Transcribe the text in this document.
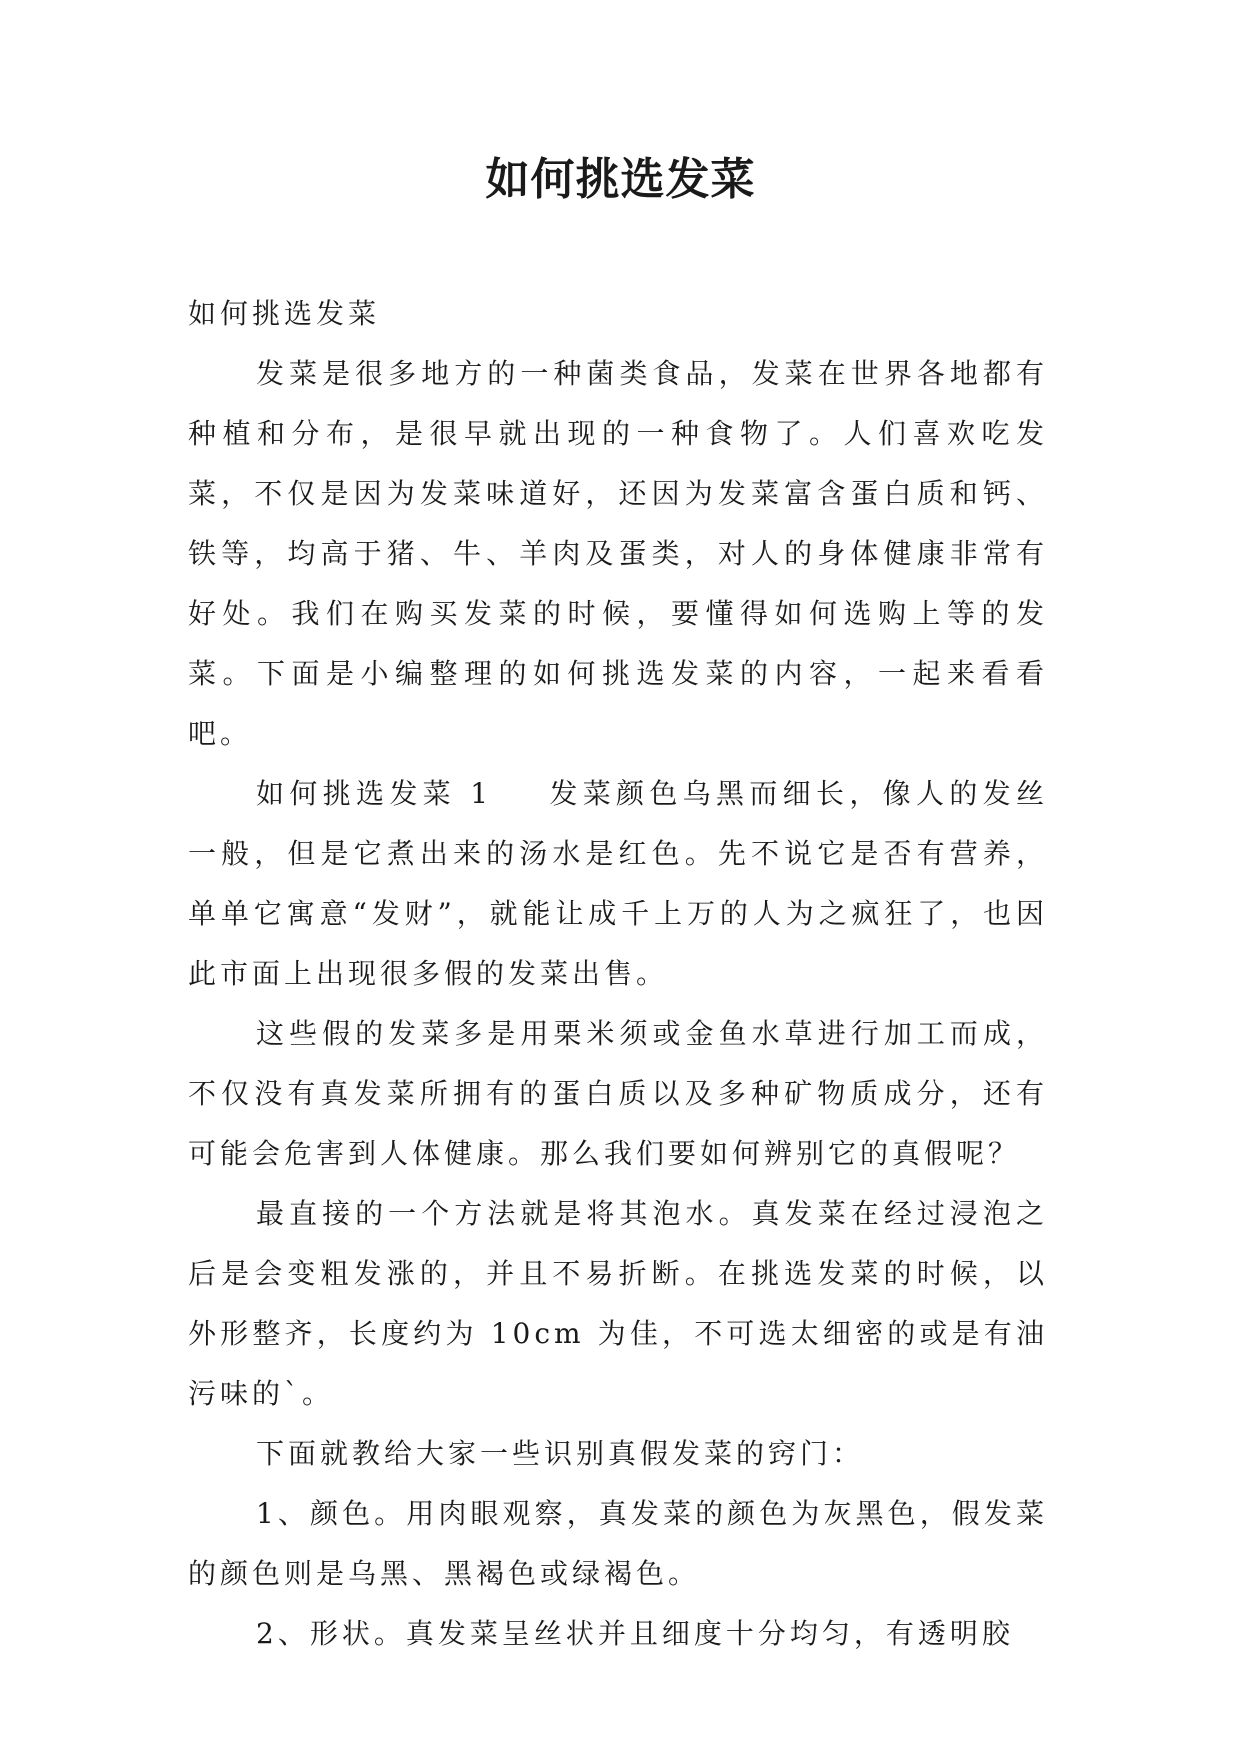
如何挑选发菜

如何挑选发菜

发菜是很多地方的一种菌类食品，发菜在世界各地都有种植和分布，是很早就出现的一种食物了。人们喜欢吃发菜，不仅是因为发菜味道好，还因为发菜富含蛋白质和钙、铁等，均高于猪、牛、羊肉及蛋类，对人的身体健康非常有好处。我们在购买发菜的时候，要懂得如何选购上等的发菜。下面是小编整理的如何挑选发菜的内容，一起来看看吧。

如何挑选发菜 1 发菜颜色乌黑而细长，像人的发丝一般，但是它煮出来的汤水是红色。先不说它是否有营养，单单它寓意“发财”，就能让成千上万的人为之疯狂了，也因此市面上出现很多假的发菜出售。

这些假的发菜多是用栗米须或金鱼水草进行加工而成，不仅没有真发菜所拥有的蛋白质以及多种矿物质成分，还有可能会危害到人体健康。那么我们要如何辨别它的真假呢？

最直接的一个方法就是将其泡水。真发菜在经过浸泡之后是会变粗发涨的，并且不易折断。在挑选发菜的时候，以外形整齐，长度约为 10cm 为佳，不可选太细密的或是有油污味的`。

下面就教给大家一些识别真假发菜的窍门：

1、颜色。用肉眼观察，真发菜的颜色为灰黑色，假发菜的颜色则是乌黑、黑褐色或绿褐色。

2、形状。真发菜呈丝状并且细度十分均匀，有透明胶
